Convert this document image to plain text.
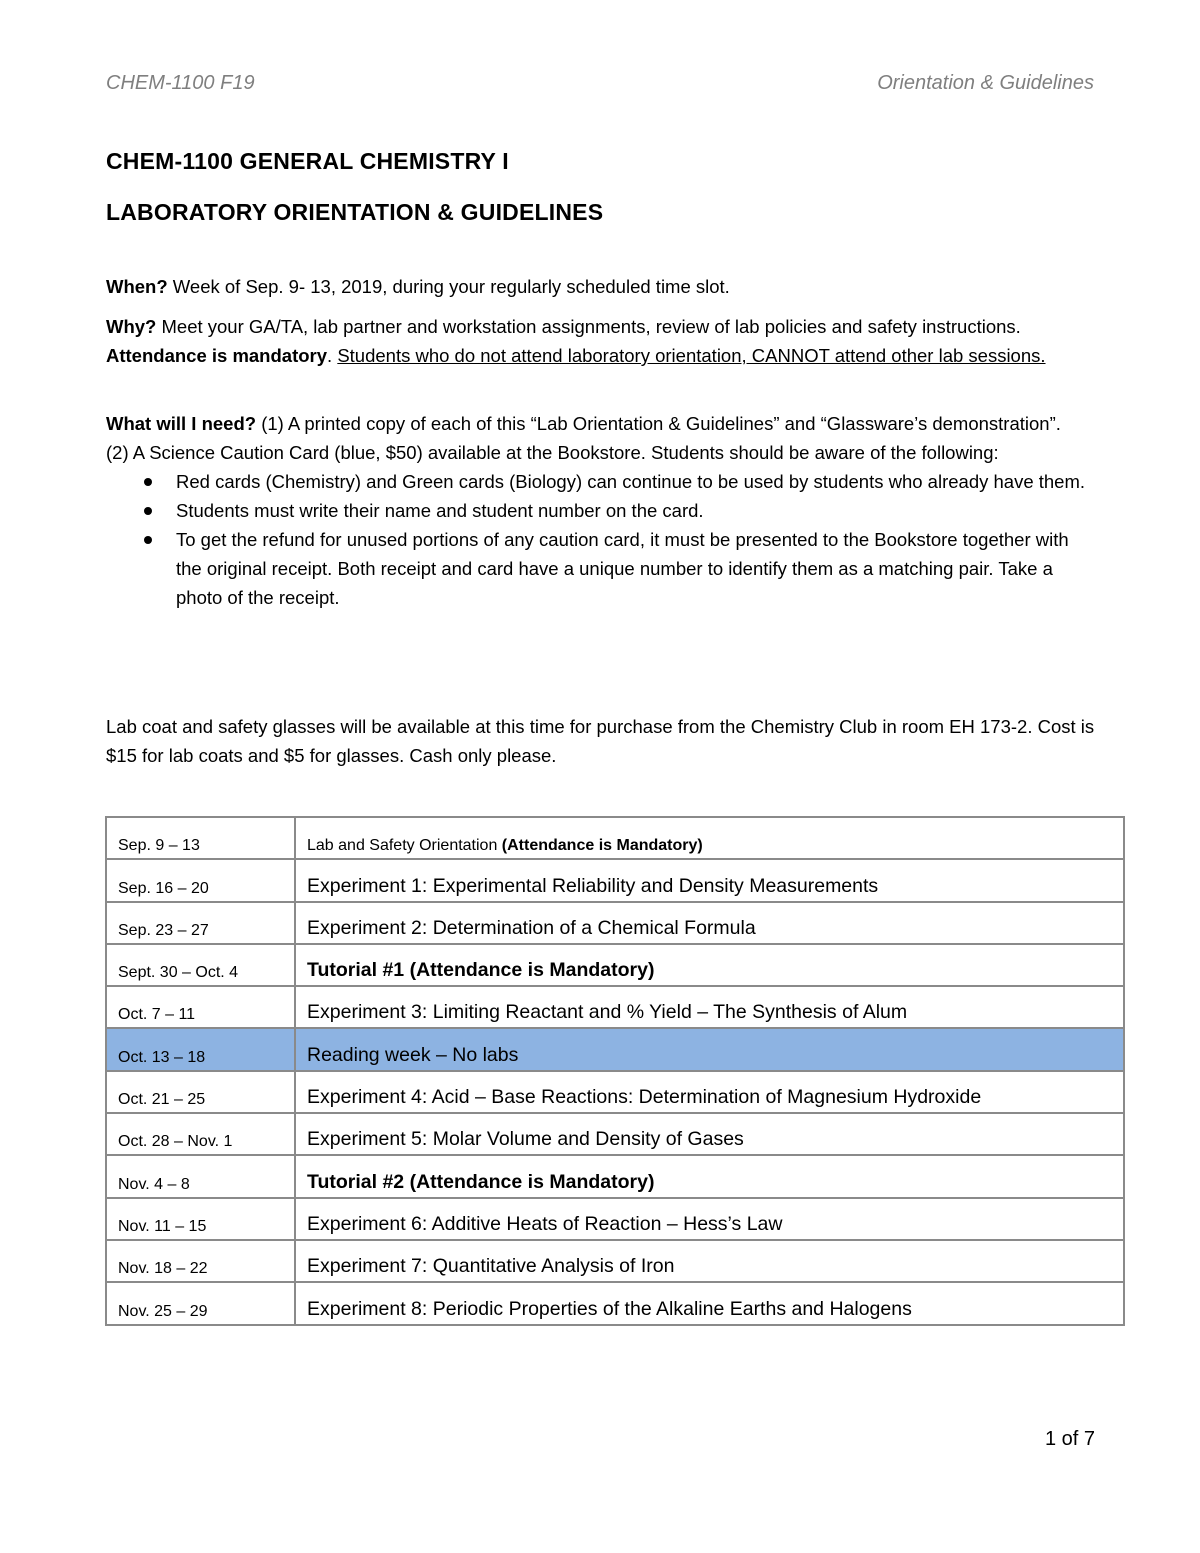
CHEM-1100 F19	Orientation & Guidelines
CHEM-1100 GENERAL CHEMISTRY I
LABORATORY ORIENTATION & GUIDELINES

When? Week of Sep. 9- 13, 2019, during your regularly scheduled time slot.

Why? Meet your GA/TA, lab partner and workstation assignments, review of lab policies and safety instructions. Attendance is mandatory. Students who do not attend laboratory orientation, CANNOT attend other lab sessions.

What will I need? (1) A printed copy of each of this “Lab Orientation & Guidelines” and “Glassware’s demonstration”.

(2) A Science Caution Card (blue, $50) available at the Bookstore. Students should be aware of the following:

Red cards (Chemistry) and Green cards (Biology) can continue to be used by students who already have them.
Students must write their name and student number on the card.
To get the refund for unused portions of any caution card, it must be presented to the Bookstore together with the original receipt. Both receipt and card have a unique number to identify them as a matching pair. Take a photo of the receipt.

Lab coat and safety glasses will be available at this time for purchase from the Chemistry Club in room EH 173-2. Cost is $15 for lab coats and $5 for glasses. Cash only please.

Sep. 9 – 13	Lab and Safety Orientation (Attendance is Mandatory)
Sep. 16 – 20	Experiment 1: Experimental Reliability and Density Measurements
Sep. 23 – 27	Experiment 2: Determination of a Chemical Formula
Sept. 30 – Oct. 4	Tutorial #1 (Attendance is Mandatory)
Oct. 7 – 11	Experiment 3: Limiting Reactant and % Yield – The Synthesis of Alum
Oct. 13 – 18	Reading week – No labs
Oct. 21 – 25	Experiment 4: Acid – Base Reactions: Determination of Magnesium Hydroxide
Oct. 28 – Nov. 1	Experiment 5: Molar Volume and Density of Gases
Nov. 4 – 8	Tutorial #2 (Attendance is Mandatory)
Nov. 11 – 15	Experiment 6: Additive Heats of Reaction – Hess’s Law
Nov. 18 – 22	Experiment 7: Quantitative Analysis of Iron
Nov. 25 – 29	Experiment 8: Periodic Properties of the Alkaline Earths and Halogens
1 of 7
